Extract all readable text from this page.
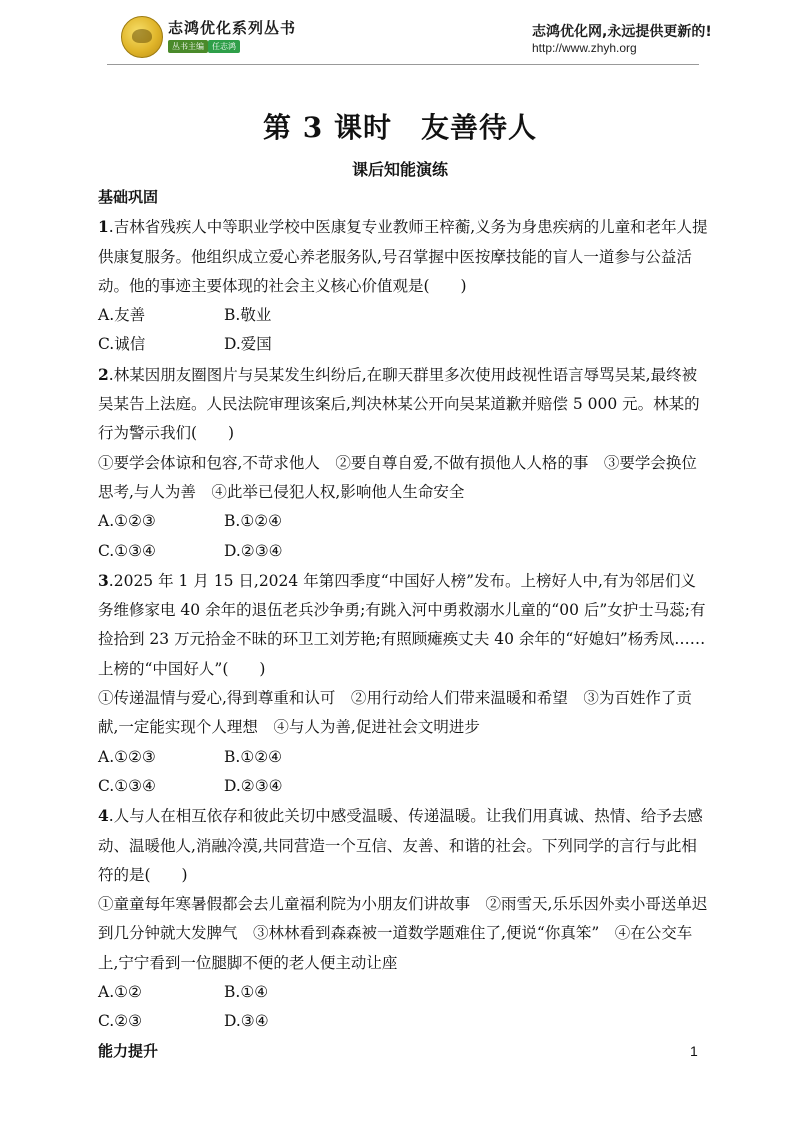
志鸿优化系列丛书
丛书主编	任志鸿
志鸿优化网,永远提供更新的!
http://www.zhyh.org
第 3 课时　友善待人
课后知能演练
基础巩固

1.吉林省残疾人中等职业学校中医康复专业教师王梓蘅,义务为身患疾病的儿童和老年人提供康复服务。他组织成立爱心养老服务队,号召掌握中医按摩技能的盲人一道参与公益活动。他的事迹主要体现的社会主义核心价值观是(　　)

A.友善	B.敬业
C.诚信	D.爱国

2.林某因朋友圈图片与吴某发生纠纷后,在聊天群里多次使用歧视性语言辱骂吴某,最终被吴某告上法庭。人民法院审理该案后,判决林某公开向吴某道歉并赔偿 5 000 元。林某的行为警示我们(　　)

①要学会体谅和包容,不苛求他人　②要自尊自爱,不做有损他人人格的事　③要学会换位思考,与人为善　④此举已侵犯人权,影响他人生命安全

A.①②③	B.①②④
C.①③④	D.②③④

3.2025 年 1 月 15 日,2024 年第四季度“中国好人榜”发布。上榜好人中,有为邻居们义务维修家电 40 余年的退伍老兵沙争勇;有跳入河中勇救溺水儿童的“00 后”女护士马蕊;有捡拾到 23 万元拾金不昧的环卫工刘芳艳;有照顾瘫痪丈夫 40 余年的“好媳妇”杨秀凤……上榜的“中国好人”(　　)

①传递温情与爱心,得到尊重和认可　②用行动给人们带来温暖和希望　③为百姓作了贡献,一定能实现个人理想　④与人为善,促进社会文明进步

A.①②③	B.①②④
C.①③④	D.②③④

4.人与人在相互依存和彼此关切中感受温暖、传递温暖。让我们用真诚、热情、给予去感动、温暖他人,消融冷漠,共同营造一个互信、友善、和谐的社会。下列同学的言行与此相符的是(　　)

①童童每年寒暑假都会去儿童福利院为小朋友们讲故事　②雨雪天,乐乐因外卖小哥送单迟到几分钟就大发脾气　③林林看到森森被一道数学题难住了,便说“你真笨”　④在公交车上,宁宁看到一位腿脚不便的老人便主动让座

A.①②	B.①④
C.②③	D.③④
能力提升	1
